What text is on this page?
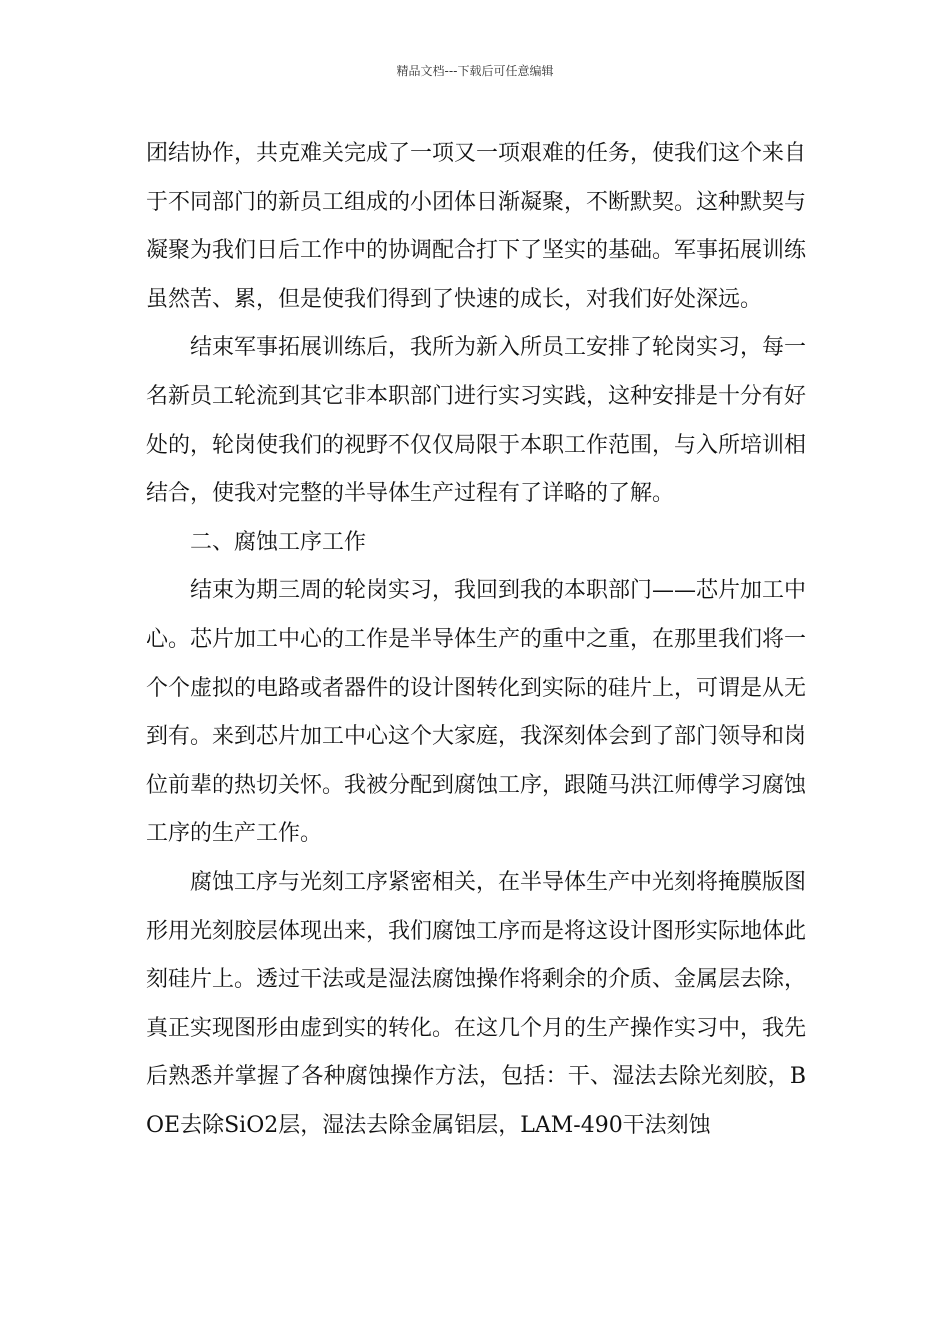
精品文档---下载后可任意编辑

团结协作，共克难关完成了一项又一项艰难的任务，使我们这个来自于不同部门的新员工组成的小团体日渐凝聚，不断默契。这种默契与凝聚为我们日后工作中的协调配合打下了坚实的基础。军事拓展训练虽然苦、累，但是使我们得到了快速的成长，对我们好处深远。

结束军事拓展训练后，我所为新入所员工安排了轮岗实习，每一名新员工轮流到其它非本职部门进行实习实践，这种安排是十分有好处的，轮岗使我们的视野不仅仅局限于本职工作范围，与入所培训相结合，使我对完整的半导体生产过程有了详略的了解。

二、腐蚀工序工作

结束为期三周的轮岗实习，我回到我的本职部门——芯片加工中心。芯片加工中心的工作是半导体生产的重中之重，在那里我们将一个个虚拟的电路或者器件的设计图转化到实际的硅片上，可谓是从无到有。来到芯片加工中心这个大家庭，我深刻体会到了部门领导和岗位前辈的热切关怀。我被分配到腐蚀工序，跟随马洪江师傅学习腐蚀工序的生产工作。

腐蚀工序与光刻工序紧密相关，在半导体生产中光刻将掩膜版图形用光刻胶层体现出来，我们腐蚀工序而是将这设计图形实际地体此刻硅片上。透过干法或是湿法腐蚀操作将剩余的介质、金属层去除，真正实现图形由虚到实的转化。在这几个月的生产操作实习中，我先后熟悉并掌握了各种腐蚀操作方法，包括：干、湿法去除光刻胶，BOE去除SiO2层，湿法去除金属铝层，LAM-490干法刻蚀
